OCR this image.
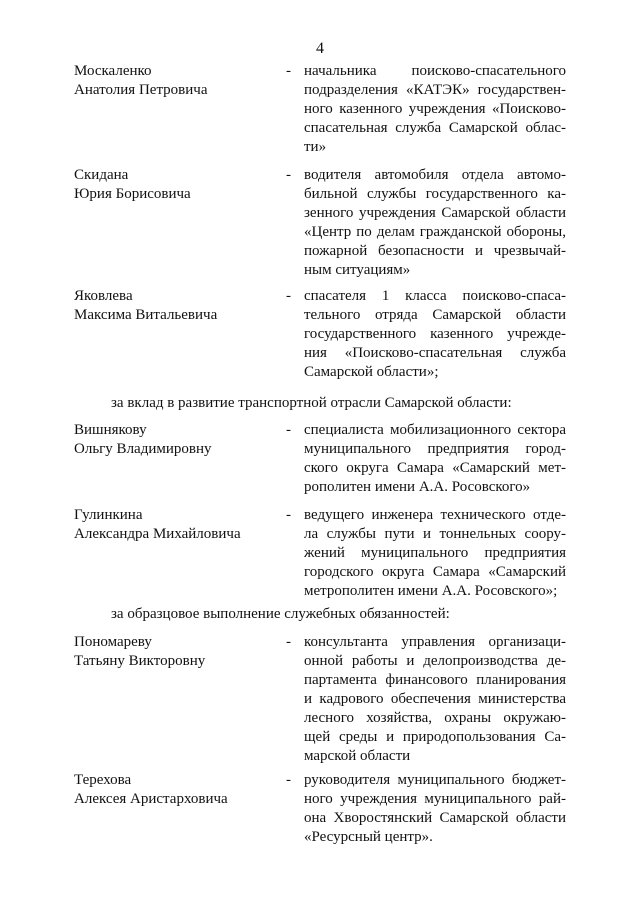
4
Москаленко
Анатолия Петровича
- начальника поисково-спасательного
подразделения «КАТЭК» государствен-
ного казенного учреждения «Поисково-
спасательная служба Самарской облас-
ти»
Скидана
Юрия Борисовича
- водителя автомобиля отдела автомо-
бильной службы государственного ка-
зенного учреждения Самарской области
«Центр по делам гражданской обороны,
пожарной безопасности и чрезвычай-
ным ситуациям»
Яковлева
Максима Витальевича
- спасателя 1 класса поисково-спаса-
тельного отряда Самарской области
государственного казенного учрежде-
ния «Поисково-спасательная служба
Самарской области»;
за вклад в развитие транспортной отрасли Самарской области:
Вишнякову
Ольгу Владимировну
- специалиста мобилизационного сектора
муниципального предприятия город-
ского округа Самара «Самарский мет-
рополитен имени А.А. Росовского»
Гулинкина
Александра Михайловича
- ведущего инженера технического отде-
ла службы пути и тоннельных соору-
жений муниципального предприятия
городского округа Самара «Самарский
метрополитен имени А.А. Росовского»;
за образцовое выполнение служебных обязанностей:
Пономареву
Татьяну Викторовну
- консультанта управления организаци-
онной работы и делопроизводства де-
партамента финансового планирования
и кадрового обеспечения министерства
лесного хозяйства, охраны окружаю-
щей среды и природопользования Са-
марской области
Терехова
Алексея Аристарховича
- руководителя муниципального бюджет-
ного учреждения муниципального рай-
она Хворостянский Самарской области
«Ресурсный центр».
